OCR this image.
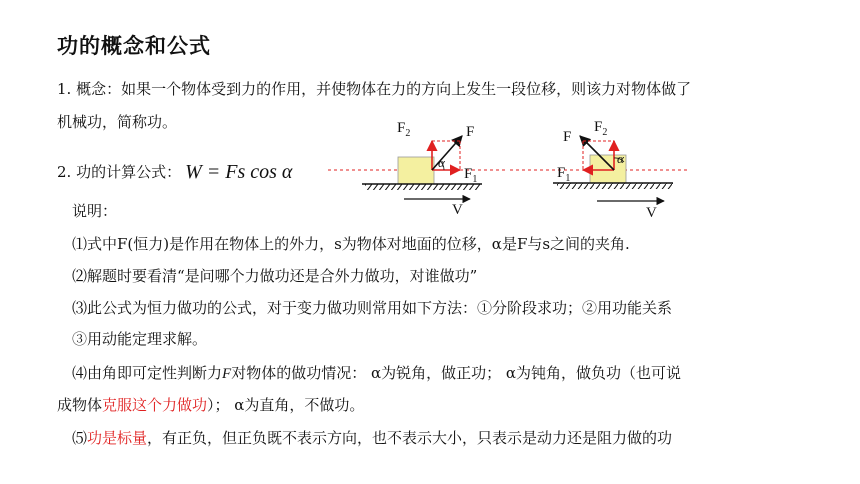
功的概念和公式
1. 概念：如果一个物体受到力的作用，并使物体在力的方向上发生一段位移，则该力对物体做了
机械功，简称功。
2. 功的计算公式： W = Fs cos α
说明：
⑴式中F(恒力)是作用在物体上的外力，s为物体对地面的位移，α是F与s之间的夹角.
⑵解题时要看清“是问哪个力做功还是合外力做功，对谁做功”
⑶此公式为恒力做功的公式，对于变力做功则常用如下方法：①分阶段求功；②用功能关系
③用动能定理求解。
⑷由角即可定性判断力F对物体的做功情况： α为锐角，做正功； α为钝角，做负功（也可说
成物体克服这个力做功）； α为直角，不做功。
⑸功是标量，有正负，但正负既不表示方向，也不表示大小，只表示是动力还是阻力做的功
$F_2$	F
$F_1$
α
V
$F_2$
F
$F_1$
α
V
